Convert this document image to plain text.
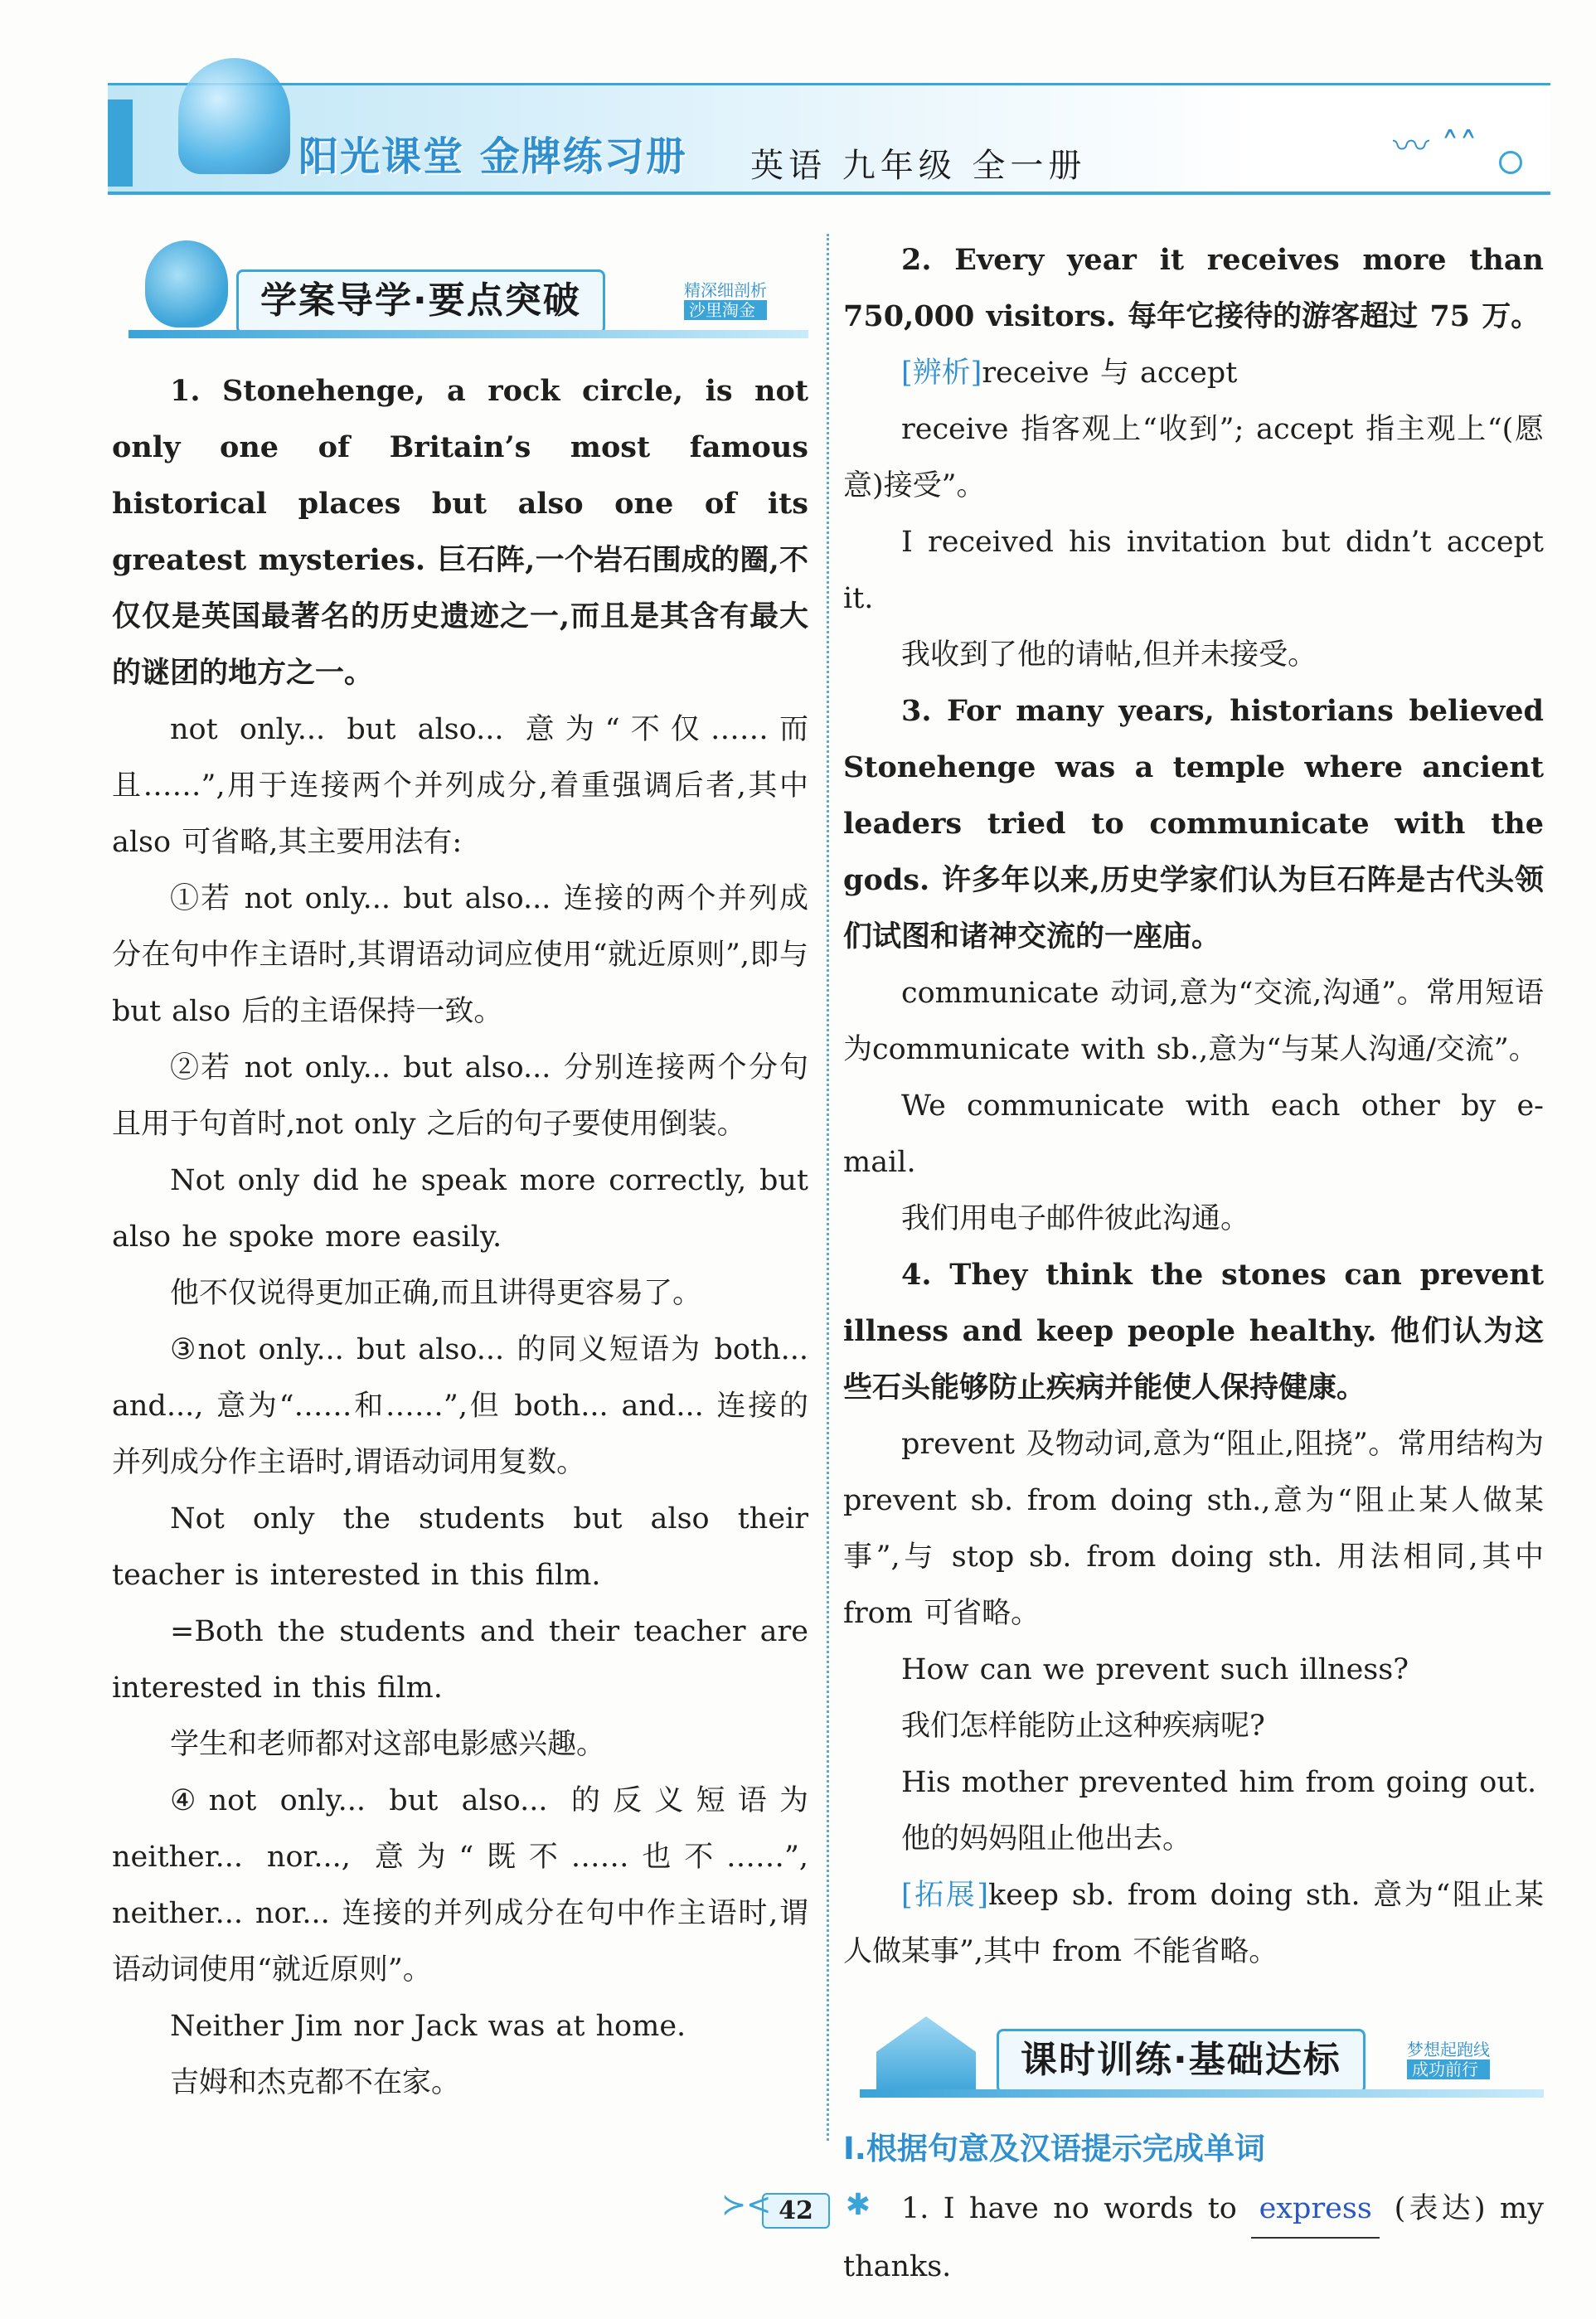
阳光课堂 金牌练习册 英语 九年级 全一册	〰 ˄˄
学案导学·要点突破	精深细剖析
沙里淘金

1. Stonehenge, a rock circle, is not only one of Britain’s most famous historical places but also one of its greatest mysteries. 巨石阵,一个岩石围成的圈,不仅仅是英国最著名的历史遗迹之一,而且是其含有最大的谜团的地方之一。

not only... but also... 意为“不仅……而且……”,用于连接两个并列成分,着重强调后者,其中 also 可省略,其主要用法有:

①若 not only... but also... 连接的两个并列成分在句中作主语时,其谓语动词应使用“就近原则”,即与 but also 后的主语保持一致。

②若 not only... but also... 分别连接两个分句且用于句首时,not only 之后的句子要使用倒装。

Not only did he speak more correctly, but also he spoke more easily.

他不仅说得更加正确,而且讲得更容易了。

③not only... but also... 的同义短语为 both... and..., 意为“……和……”,但 both... and... 连接的并列成分作主语时,谓语动词用复数。

Not only the students but also their teacher is interested in this film.

=Both the students and their teacher are interested in this film.

学生和老师都对这部电影感兴趣。

④not only... but also... 的反义短语为 neither... nor..., 意为“既不……也不……”, neither... nor... 连接的并列成分在句中作主语时,谓语动词使用“就近原则”。

Neither Jim nor Jack was at home.

吉姆和杰克都不在家。

2. Every year it receives more than 750,000 visitors. 每年它接待的游客超过 75 万。

[辨析]receive 与 accept

receive 指客观上“收到”; accept 指主观上“(愿意)接受”。

I received his invitation but didn’t accept it.

我收到了他的请帖,但并未接受。

3. For many years, historians believed Stonehenge was a temple where ancient leaders tried to communicate with the gods. 许多年以来,历史学家们认为巨石阵是古代头领们试图和诸神交流的一座庙。

communicate 动词,意为“交流,沟通”。常用短语为communicate with sb.,意为“与某人沟通/交流”。

We communicate with each other by e-mail.

我们用电子邮件彼此沟通。

4. They think the stones can prevent illness and keep people healthy. 他们认为这些石头能够防止疾病并能使人保持健康。

prevent 及物动词,意为“阻止,阻挠”。常用结构为 prevent sb. from doing sth.,意为“阻止某人做某事”,与 stop sb. from doing sth. 用法相同,其中 from 可省略。

How can we prevent such illness?

我们怎样能防止这种疾病呢?

His mother prevented him from going out.

他的妈妈阻止他出去。

[拓展]keep sb. from doing sth. 意为“阻止某人做某事”,其中 from 不能省略。

课时训练·基础达标	梦想起跑线
成功前行
Ⅰ.根据句意及汉语提示完成单词

1. I have no words to express (表达) my thanks.

≻< 42 ✱
